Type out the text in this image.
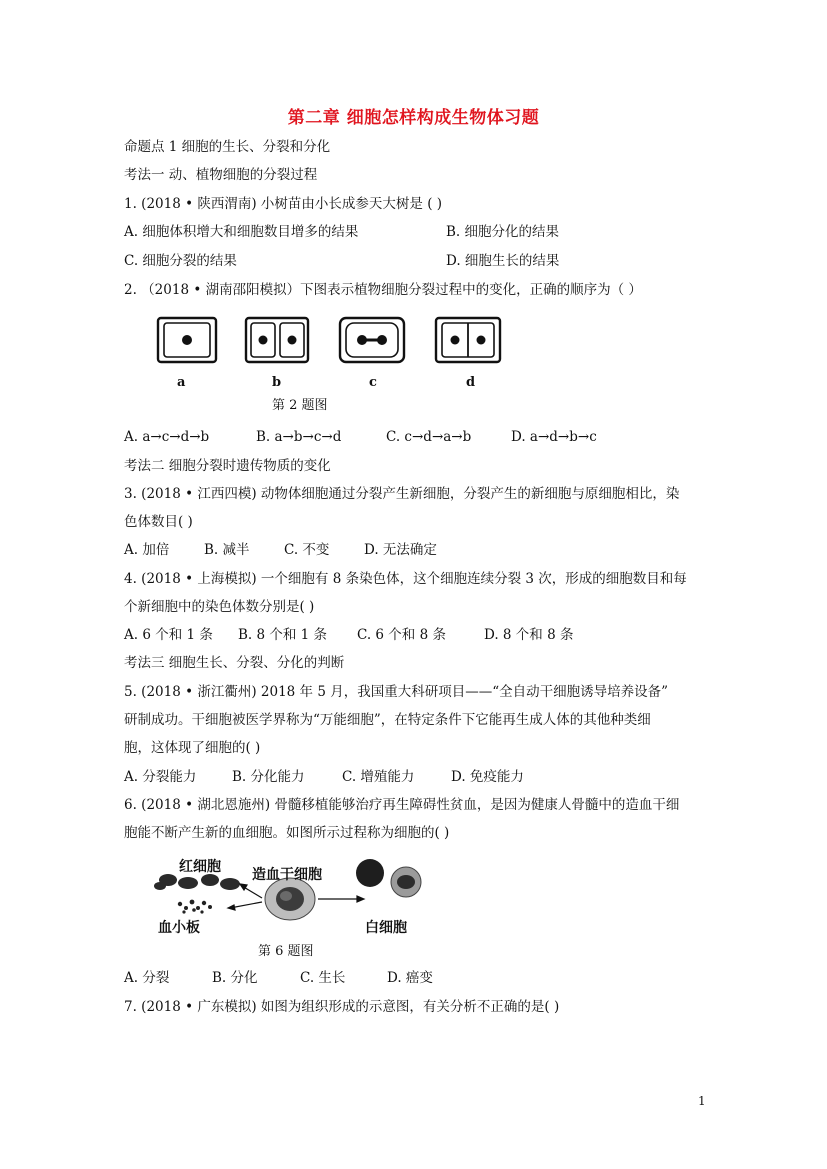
第二章 细胞怎样构成生物体习题
命题点 1 细胞的生长、分裂和分化
考法一 动、植物细胞的分裂过程
1. (2018 • 陕西渭南) 小树苗由小长成参天大树是 ( )
A. 细胞体积增大和细胞数目增多的结果	B. 细胞分化的结果
C. 细胞分裂的结果	D. 细胞生长的结果
2. （2018 • 湖南邵阳模拟）下图表示植物细胞分裂过程中的变化，正确的顺序为（ ）
a	b	c	d
第 2 题图
A. a→c→d→b	B. a→b→c→d	C. c→d→a→b	D. a→d→b→c
考法二 细胞分裂时遗传物质的变化
3. (2018 • 江西四模) 动物体细胞通过分裂产生新细胞，分裂产生的新细胞与原细胞相比，染
色体数目( )
A. 加倍	B. 减半	C. 不变	D. 无法确定
4. (2018 • 上海模拟) 一个细胞有 8 条染色体，这个细胞连续分裂 3 次，形成的细胞数目和每
个新细胞中的染色体数分别是( )
A. 6 个和 1 条 B. 8 个和 1 条 C. 6 个和 8 条	D. 8 个和 8 条
考法三 细胞生长、分裂、分化的判断
5. (2018 • 浙江衢州) 2018 年 5 月，我国重大科研项目——“全自动干细胞诱导培养设备”
研制成功。干细胞被医学界称为“万能细胞”，在特定条件下它能再生成人体的其他种类细
胞，这体现了细胞的( )
A. 分裂能力	B. 分化能力	C. 增殖能力	D. 免疫能力
6. (2018 • 湖北恩施州) 骨髓移植能够治疗再生障碍性贫血，是因为健康人骨髓中的造血干细
胞能不断产生新的血细胞。如图所示过程称为细胞的( )
红细胞 造血干细胞
血小板	白细胞
第 6 题图
A. 分裂	B. 分化	C. 生长	D. 癌变
7. (2018 • 广东模拟) 如图为组织形成的示意图，有关分析不正确的是( )
1
